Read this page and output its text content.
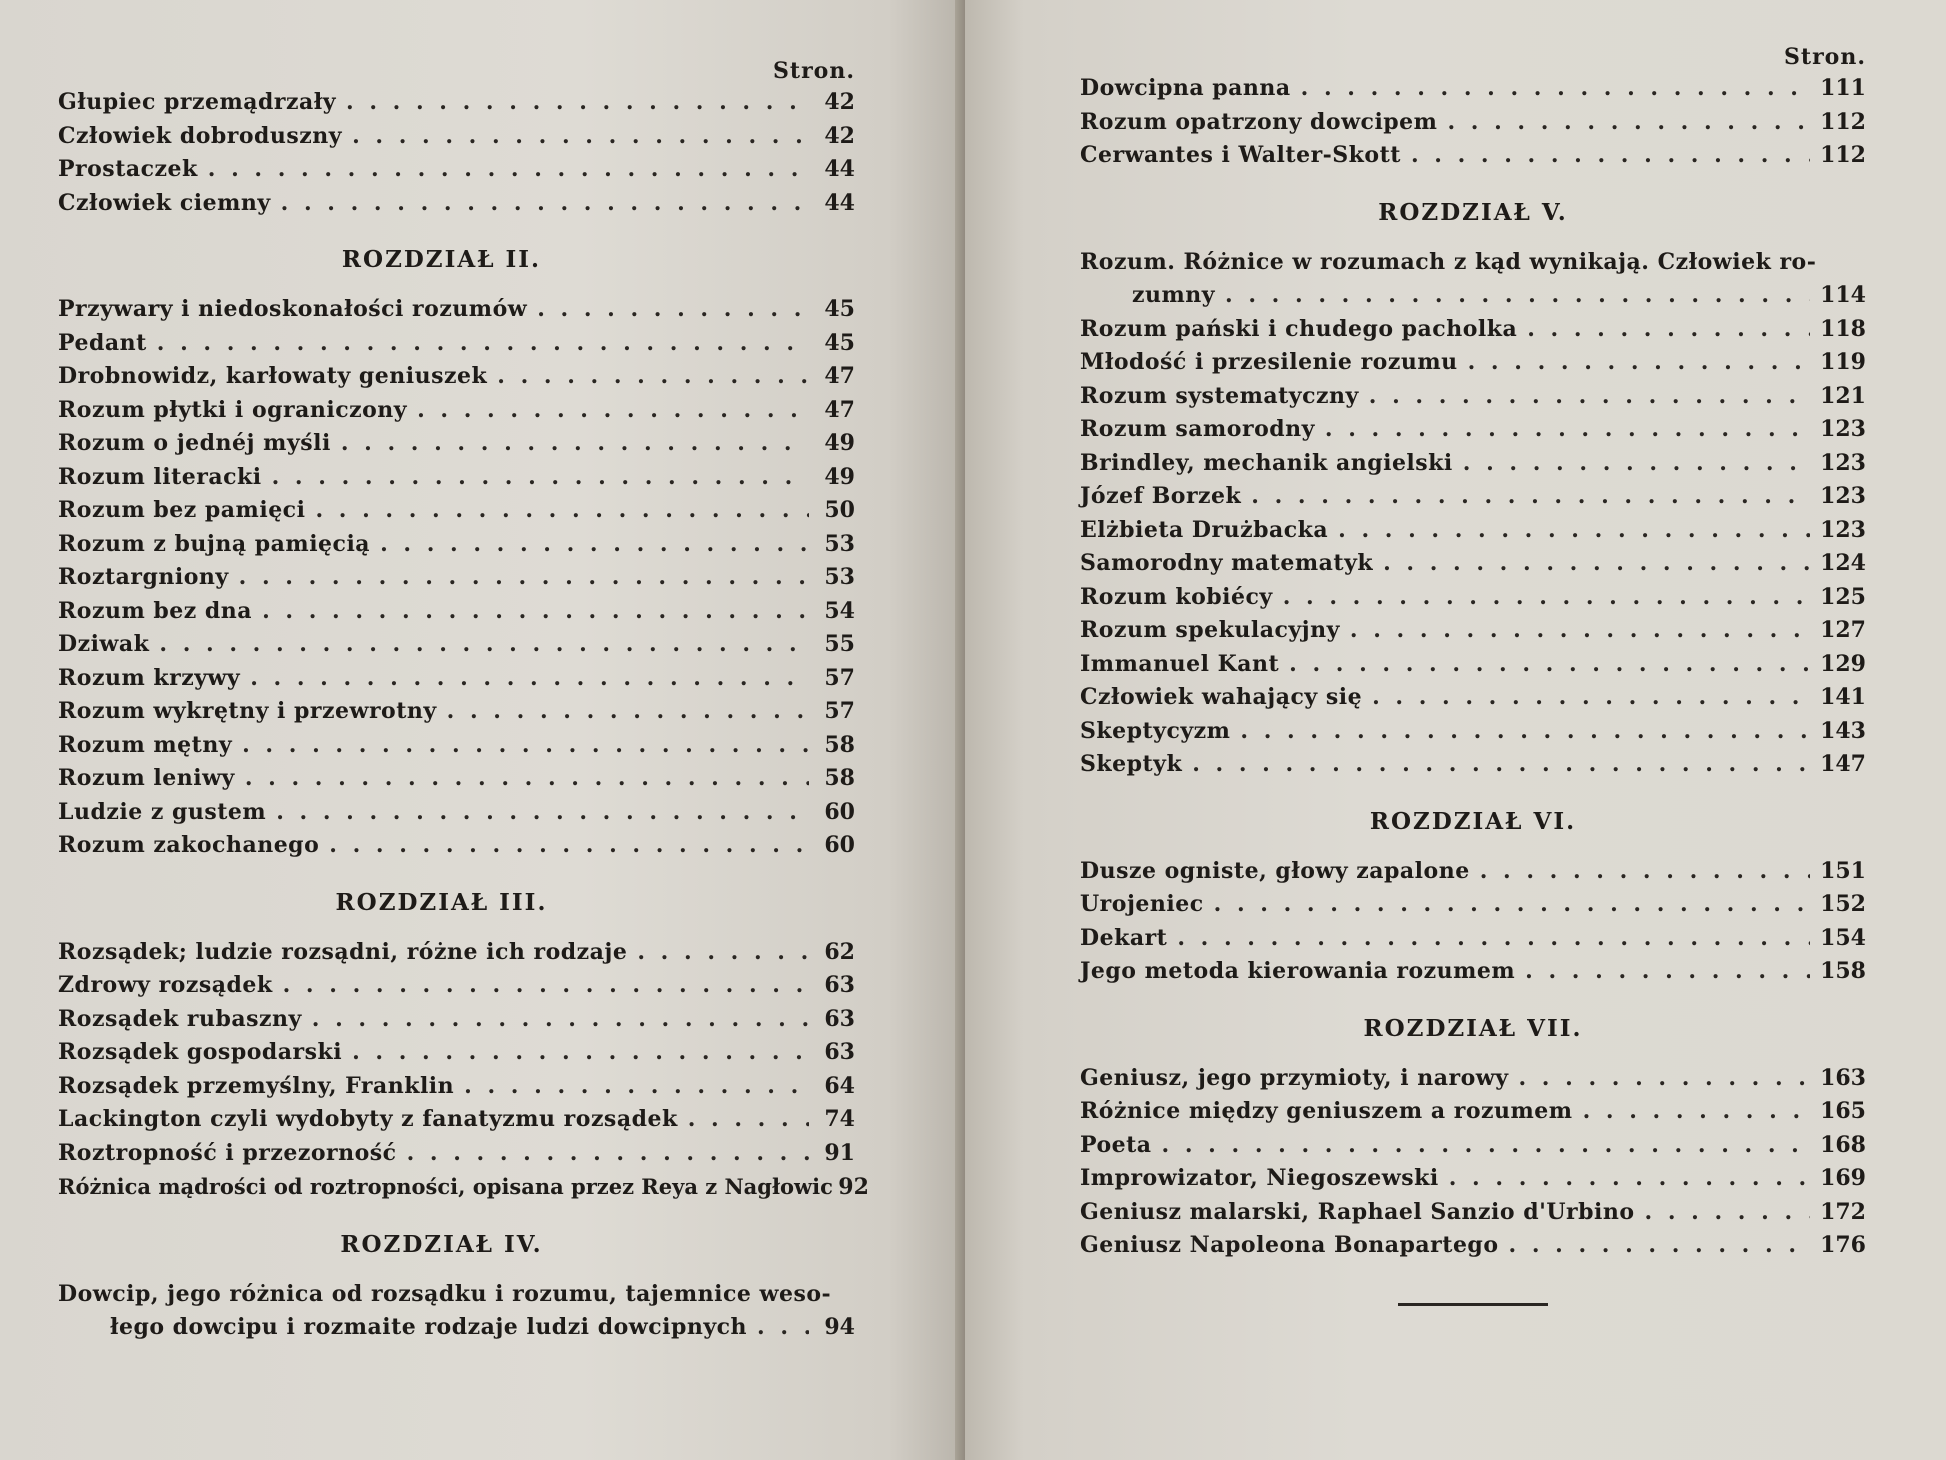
Stron.
Głupiec przemądrzały . . .	42
Człowiek dobroduszny . . .	42
Prostaczek . . .	44
Człowiek ciemny . . .	44
ROZDZIAŁ II.
Przywary i niedoskonałości rozumów . . .	45
Pedant . . .	45
Drobnowidz, karłowaty geniuszek . . .	47
Rozum płytki i ograniczony . . .	47
Rozum o jednéj myśli . . .	49
Rozum literacki . . .	49
Rozum bez pamięci . . .	50
Rozum z bujną pamięcią . . .	53
Roztargniony . . .	53
Rozum bez dna . . .	54
Dziwak . . .	55
Rozum krzywy . . .	57
Rozum wykrętny i przewrotny . . .	57
Rozum mętny . . .	58
Rozum leniwy . . .	58
Ludzie z gustem . . .	60
Rozum zakochanego . . .	60
ROZDZIAŁ III.
Rozsądek; ludzie rozsądni, różne ich rodzaje . . .	62
Zdrowy rozsądek . . .	63
Rozsądek rubaszny . . .	63
Rozsądek gospodarski . . .	63
Rozsądek przemyślny, Franklin . . .	64
Lackington czyli wydobyty z fanatyzmu rozsądek . . .	74
Roztropność i przezorność . . .	91
Różnica mądrości od roztropności, opisana przez Reya z Nagłowic 92
ROZDZIAŁ IV.
Dowcip, jego różnica od rozsądku i rozumu, tajemnice weso-
łego dowcipu i rozmaite rodzaje ludzi dowcipnych . . .	94
Stron.
Dowcipna panna . . .	111
Rozum opatrzony dowcipem . . .	112
Cerwantes i Walter-Skott . . .	112
ROZDZIAŁ V.
Rozum. Różnice w rozumach z kąd wynikają. Człowiek ro-
zumny . . .	114
Rozum pański i chudego pacholka . . .	118
Młodość i przesilenie rozumu . . .	119
Rozum systematyczny . . .	121
Rozum samorodny . . .	123
Brindley, mechanik angielski . . .	123
Józef Borzek . . .	123
Elżbieta Drużbacka . . .	123
Samorodny matematyk . . .	124
Rozum kobiécy . . .	125
Rozum spekulacyjny . . .	127
Immanuel Kant . . .	129
Człowiek wahający się . . .	141
Skeptycyzm . . .	143
Skeptyk . . .	147
ROZDZIAŁ VI.
Dusze ogniste, głowy zapalone . . .	151
Urojeniec . . .	152
Dekart . . .	154
Jego metoda kierowania rozumem . . .	158
ROZDZIAŁ VII.
Geniusz, jego przymioty, i narowy . . .	163
Różnice między geniuszem a rozumem . . .	165
Poeta . . .	168
Improwizator, Niegoszewski . . .	169
Geniusz malarski, Raphael Sanzio d'Urbino . . .	172
Geniusz Napoleona Bonapartego . . .	176
